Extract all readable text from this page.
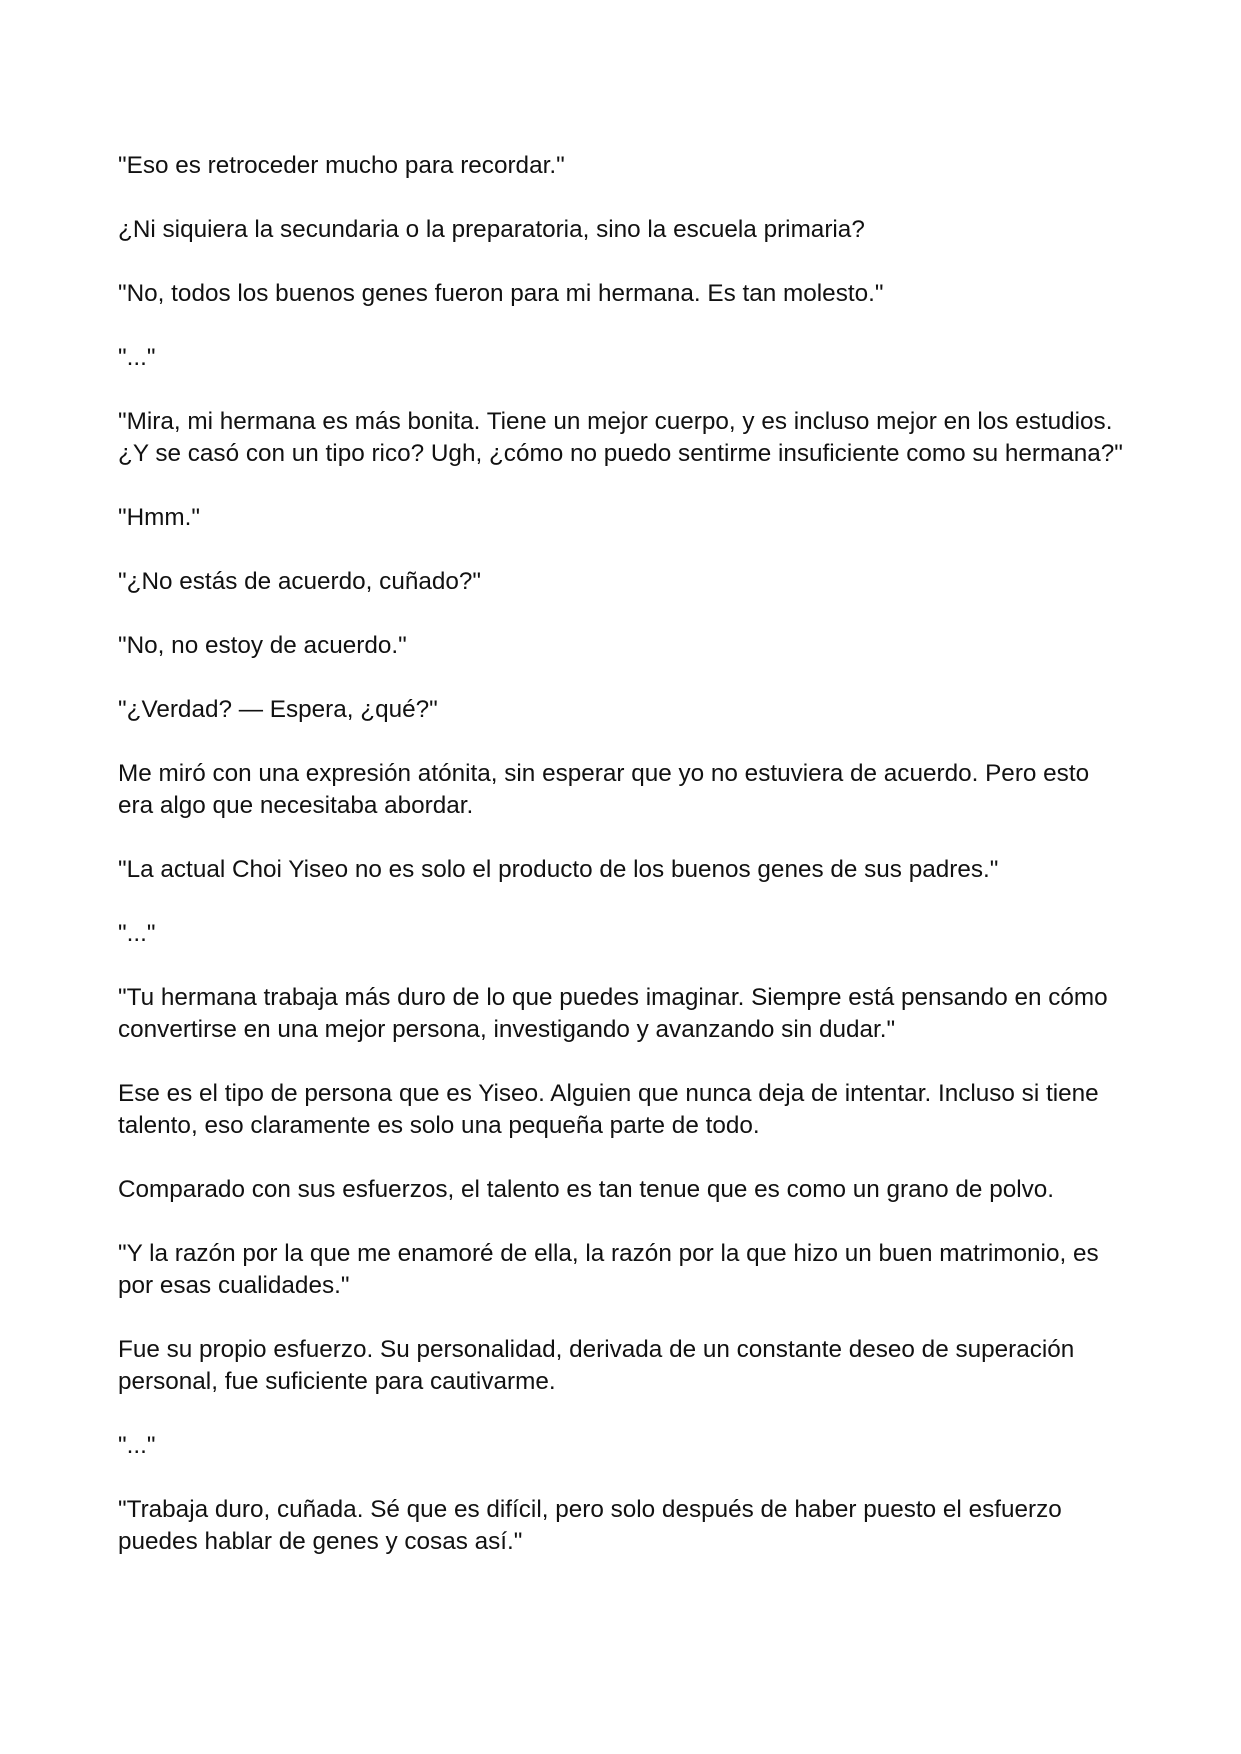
"Eso es retroceder mucho para recordar."

¿Ni siquiera la secundaria o la preparatoria, sino la escuela primaria?

"No, todos los buenos genes fueron para mi hermana. Es tan molesto."

"..."

"Mira, mi hermana es más bonita. Tiene un mejor cuerpo, y es incluso mejor en los estudios. ¿Y se casó con un tipo rico? Ugh, ¿cómo no puedo sentirme insuficiente como su hermana?"

"Hmm."

"¿No estás de acuerdo, cuñado?"

"No, no estoy de acuerdo."

"¿Verdad? — Espera, ¿qué?"

Me miró con una expresión atónita, sin esperar que yo no estuviera de acuerdo. Pero esto era algo que necesitaba abordar.

"La actual Choi Yiseo no es solo el producto de los buenos genes de sus padres."

"..."

"Tu hermana trabaja más duro de lo que puedes imaginar. Siempre está pensando en cómo convertirse en una mejor persona, investigando y avanzando sin dudar."

Ese es el tipo de persona que es Yiseo. Alguien que nunca deja de intentar. Incluso si tiene talento, eso claramente es solo una pequeña parte de todo.

Comparado con sus esfuerzos, el talento es tan tenue que es como un grano de polvo.

"Y la razón por la que me enamoré de ella, la razón por la que hizo un buen matrimonio, es por esas cualidades."

Fue su propio esfuerzo. Su personalidad, derivada de un constante deseo de superación personal, fue suficiente para cautivarme.

"..."

"Trabaja duro, cuñada. Sé que es difícil, pero solo después de haber puesto el esfuerzo puedes hablar de genes y cosas así."
